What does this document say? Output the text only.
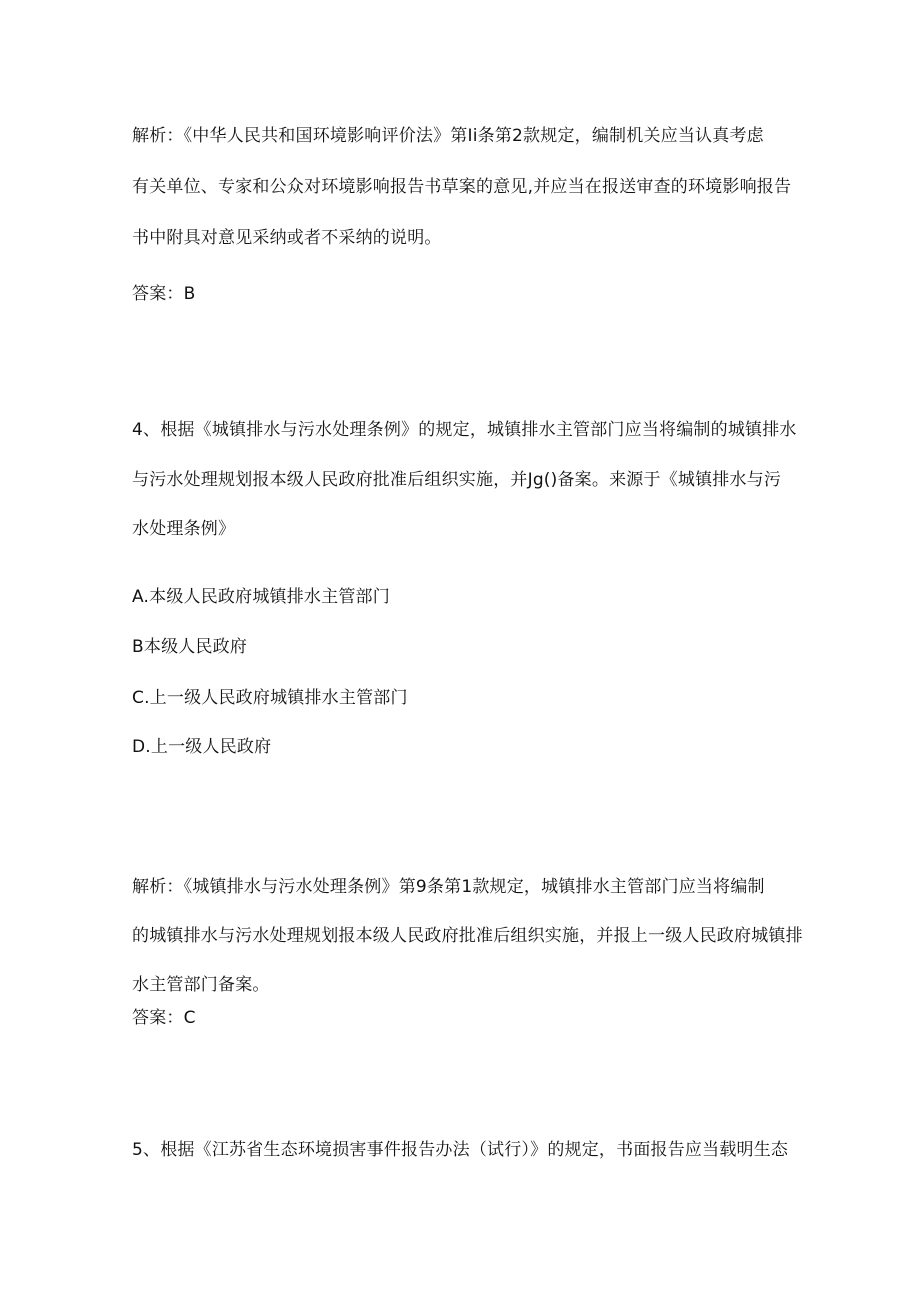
解析：《中华人民共和国环境影响评价法》第Ii条第2款规定，编制机关应当认真考虑
有关单位、专家和公众对环境影响报告书草案的意见,并应当在报送审查的环境影响报告
书中附具对意见采纳或者不采纳的说明。
答案：B
4、根据《城镇排水与污水处理条例》的规定，城镇排水主管部门应当将编制的城镇排水
与污水处理规划报本级人民政府批准后组织实施，并Jg()备案。来源于《城镇排水与污
水处理条例》
A.本级人民政府城镇排水主管部门
B本级人民政府
C.上一级人民政府城镇排水主管部门
D.上一级人民政府
解析：《城镇排水与污水处理条例》第9条第1款规定，城镇排水主管部门应当将编制
的城镇排水与污水处理规划报本级人民政府批准后组织实施，并报上一级人民政府城镇排
水主管部门备案。
答案：C
5、根据《江苏省生态环境损害事件报告办法（试行）》的规定，书面报告应当载明生态
